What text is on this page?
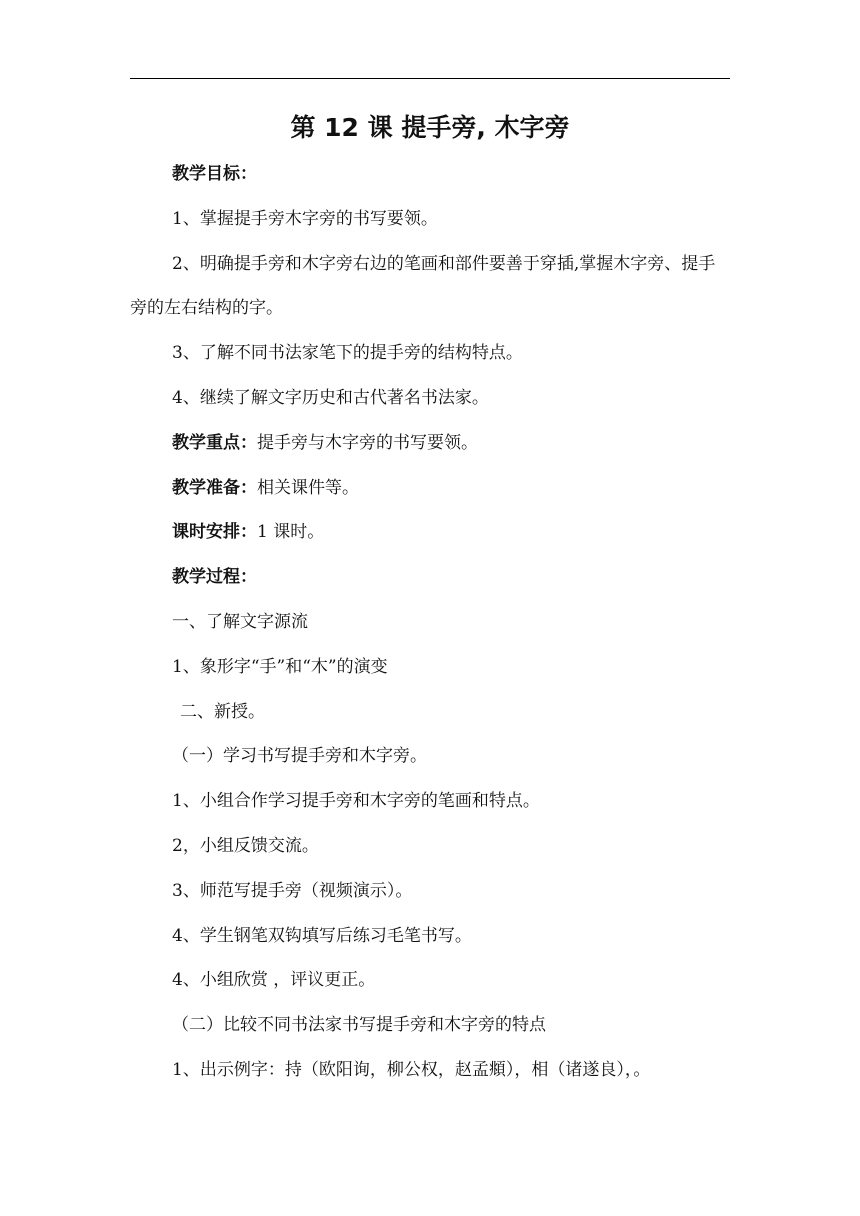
第 12 课 提手旁, 木字旁

教学目标：

1、掌握提手旁木字旁的书写要领。

2、明确提手旁和木字旁右边的笔画和部件要善于穿插,掌握木字旁、提手旁的左右结构的字。

3、了解不同书法家笔下的提手旁的结构特点。

4、继续了解文字历史和古代著名书法家。

教学重点：提手旁与木字旁的书写要领。

教学准备：相关课件等。

课时安排：1 课时。

教学过程：

一、了解文字源流

1、象形字“手”和“木”的演变

二、新授。

（一）学习书写提手旁和木字旁。

1、小组合作学习提手旁和木字旁的笔画和特点。

2，小组反馈交流。

3、师范写提手旁（视频演示）。

4、学生钢笔双钩填写后练习毛笔书写。

4、小组欣赏 ，评议更正。

（二）比较不同书法家书写提手旁和木字旁的特点

1、出示例字：持（欧阳询，柳公权，赵孟頫），相（诸遂良），。
